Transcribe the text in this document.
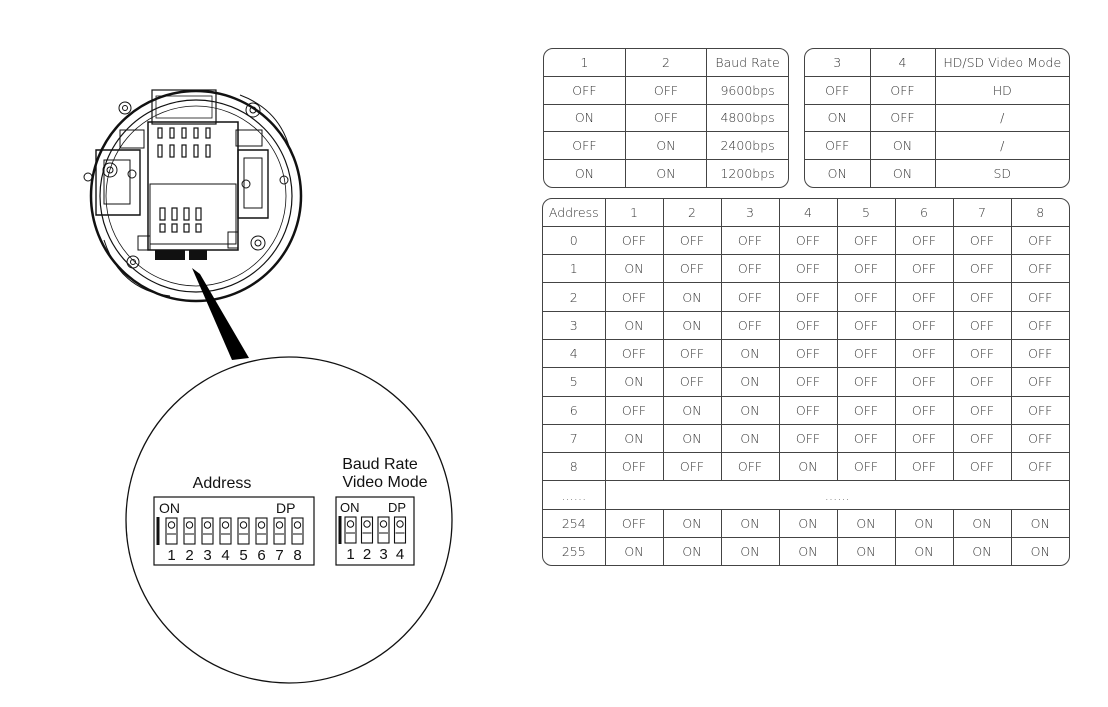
Address
ON	DP
1 2 3 4 5 6 7 8
Baud Rate
Video Mode
ON DP
1 2 3 4
1	2	Baud Rate
OFF	OFF	9600bps
ON	OFF	4800bps
OFF	ON	2400bps
ON	ON	1200bps
3	4	HD/SD Video Mode
OFF	OFF	HD
ON	OFF	/
OFF	ON	/
ON	ON	SD
Address	1	2	3	4	5	6	7	8
0	OFF	OFF	OFF	OFF	OFF	OFF	OFF	OFF
1	ON	OFF	OFF	OFF	OFF	OFF	OFF	OFF
2	OFF	ON	OFF	OFF	OFF	OFF	OFF	OFF
3	ON	ON	OFF	OFF	OFF	OFF	OFF	OFF
4	OFF	OFF	ON	OFF	OFF	OFF	OFF	OFF
5	ON	OFF	ON	OFF	OFF	OFF	OFF	OFF
6	OFF	ON	ON	OFF	OFF	OFF	OFF	OFF
7	ON	ON	ON	OFF	OFF	OFF	OFF	OFF
8	OFF	OFF	OFF	ON	OFF	OFF	OFF	OFF
……	……							
254	OFF	ON	ON	ON	ON	ON	ON	ON
255	ON	ON	ON	ON	ON	ON	ON	ON
